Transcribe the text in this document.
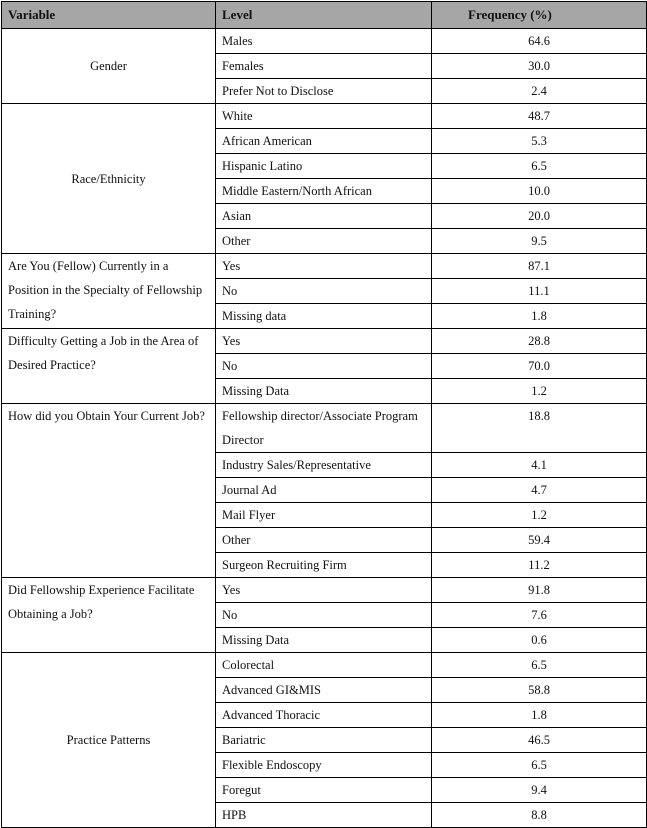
Variable	Level	Frequency (%)
Gender	Males	64.6
	Females	30.0
	Prefer Not to Disclose	2.4
Race/Ethnicity	White	48.7
	African American	5.3
	Hispanic Latino	6.5
	Middle Eastern/North African	10.0
	Asian	20.0
	Other	9.5
Are You (Fellow) Currently in a Position in the Specialty of Fellowship Training?	Yes	87.1
	No	11.1
	Missing data	1.8
Difficulty Getting a Job in the Area of Desired Practice?	Yes	28.8
	No	70.0
	Missing Data	1.2
How did you Obtain Your Current Job?	Fellowship director/Associate Program Director	18.8
	Industry Sales/Representative	4.1
	Journal Ad	4.7
	Mail Flyer	1.2
	Other	59.4
	Surgeon Recruiting Firm	11.2
Did Fellowship Experience Facilitate Obtaining a Job?	Yes	91.8
	No	7.6
	Missing Data	0.6
Practice Patterns	Colorectal	6.5
	Advanced GI&MIS	58.8
	Advanced Thoracic	1.8
	Bariatric	46.5
	Flexible Endoscopy	6.5
	Foregut	9.4
	HPB	8.8
